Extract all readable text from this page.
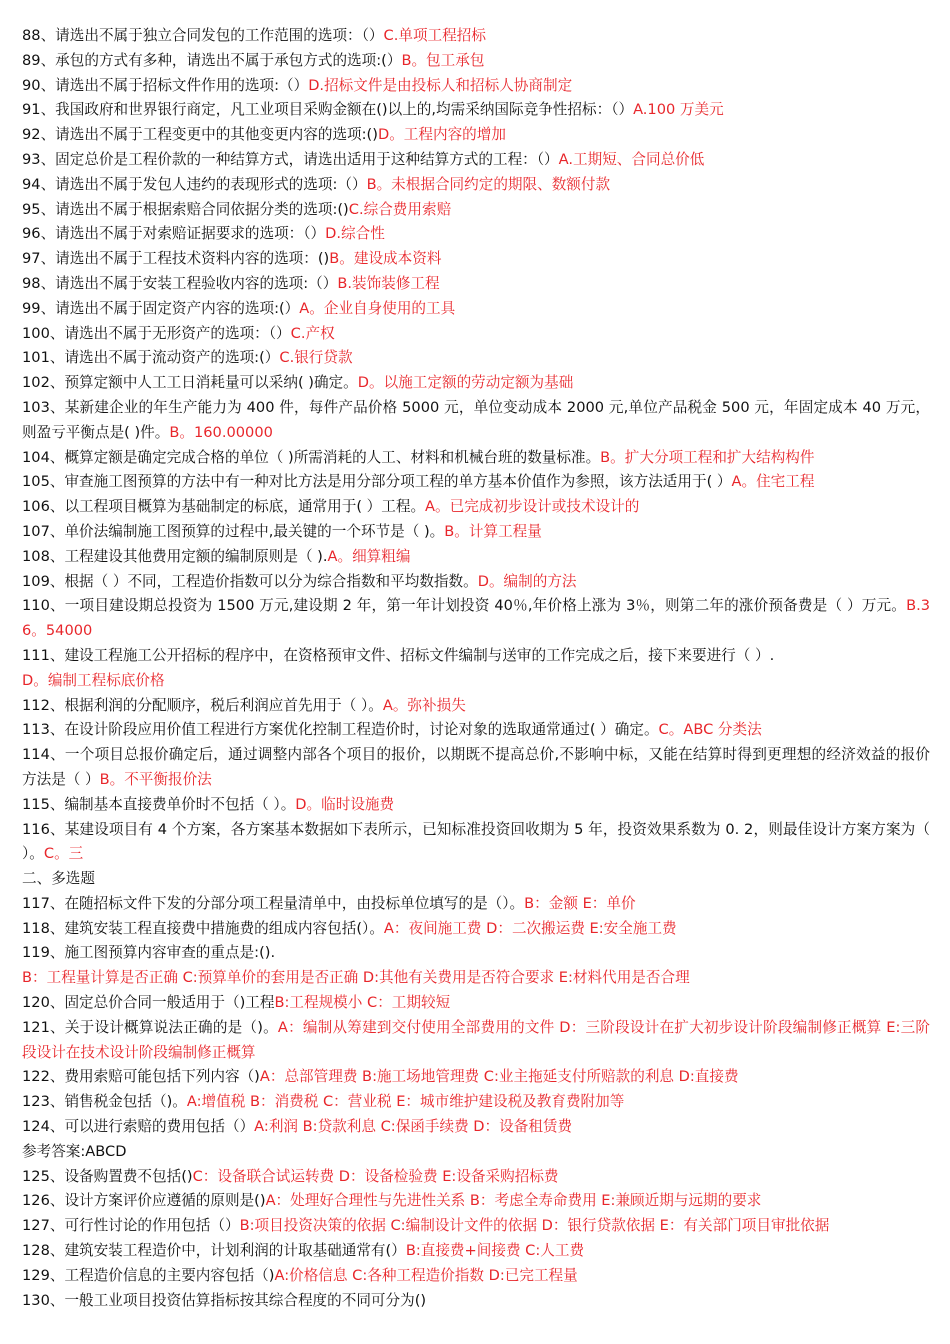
88、请选出不属于独立合同发包的工作范围的选项：（）C.单项工程招标
89、承包的方式有多种，请选出不属于承包方式的选项:(）B。包工承包
90、请选出不属于招标文件作用的选项:（）D.招标文件是由投标人和招标人协商制定
91、我国政府和世界银行商定，凡工业项目采购金额在()以上的,均需采纳国际竞争性招标：（）A.100 万美元
92、请选出不属于工程变更中的其他变更内容的选项:()D。工程内容的增加
93、固定总价是工程价款的一种结算方式，请选出适用于这种结算方式的工程：（）A.工期短、合同总价低
94、请选出不属于发包人违约的表现形式的选项:（）B。未根据合同约定的期限、数额付款
95、请选出不属于根据索赔合同依据分类的选项:()C.综合费用索赔
96、请选出不属于对索赔证据要求的选项：（）D.综合性
97、请选出不属于工程技术资料内容的选项：()B。建设成本资料
98、请选出不属于安装工程验收内容的选项:（）B.装饰装修工程
99、请选出不属于固定资产内容的选项:(）A。企业自身使用的工具
100、请选出不属于无形资产的选项：（）C.产权
101、请选出不属于流动资产的选项:(）C.银行贷款
102、预算定额中人工工日消耗量可以采纳( )确定。D。以施工定额的劳动定额为基础
103、某新建企业的年生产能力为 400 件，每件产品价格 5000 元，单位变动成本 2000 元,单位产品税金 500 元，年固定成本 40 万元，则盈亏平衡点是( )件。B。160.00000
104、概算定额是确定完成合格的单位（ )所需消耗的人工、材料和机械台班的数量标准。B。扩大分项工程和扩大结构构件
105、审查施工图预算的方法中有一种对比方法是用分部分项工程的单方基本价值作为参照，该方法适用于( ）A。住宅工程
106、以工程项目概算为基础制定的标底，通常用于( ）工程。A。已完成初步设计或技术设计的
107、单价法编制施工图预算的过程中,最关键的一个环节是（ )。B。计算工程量
108、工程建设其他费用定额的编制原则是（ ).A。细算粗编
109、根据（ ）不同，工程造价指数可以分为综合指数和平均数指数。D。编制的方法
110、一项目建设期总投资为 1500 万元,建设期 2 年，第一年计划投资 40％,年价格上涨为 3％，则第二年的涨价预备费是（ ）万元。B.36。54000
111、建设工程施工公开招标的程序中，在资格预审文件、招标文件编制与送审的工作完成之后，接下来要进行（ ）.
D。编制工程标底价格
112、根据利润的分配顺序，税后利润应首先用于（ ）。A。弥补损失
113、在设计阶段应用价值工程进行方案优化控制工程造价时，讨论对象的选取通常通过( ）确定。C。ABC 分类法
114、一个项目总报价确定后，通过调整内部各个项目的报价，以期既不提高总价,不影响中标，又能在结算时得到更理想的经济效益的报价方法是（ ）B。不平衡报价法
115、编制基本直接费单价时不包括（ ）。D。临时设施费
116、某建设项目有 4 个方案，各方案基本数据如下表所示，已知标准投资回收期为 5 年，投资效果系数为 0. 2，则最佳设计方案方案为（ ）。C。三
二、多选题
117、在随招标文件下发的分部分项工程量清单中，由投标单位填写的是（）。B：金额 E：单价
118、建筑安装工程直接费中措施费的组成内容包括(）。A：夜间施工费 D：二次搬运费 E:安全施工费
119、施工图预算内容审查的重点是:().
B：工程量计算是否正确 C:预算单价的套用是否正确 D:其他有关费用是否符合要求 E:材料代用是否合理
120、固定总价合同一般适用于（)工程B:工程规模小 C：工期较短
121、关于设计概算说法正确的是（)。A：编制从筹建到交付使用全部费用的文件 D：三阶段设计在扩大初步设计阶段编制修正概算 E:三阶段设计在技术设计阶段编制修正概算
122、费用索赔可能包括下列内容（)A：总部管理费 B:施工场地管理费 C:业主拖延支付所赔款的利息 D:直接费
123、销售税金包括（)。A:增值税 B：消费税 C：营业税 E：城市维护建设税及教育费附加等
124、可以进行索赔的费用包括（）A:利润 B:贷款利息 C:保函手续费 D：设备租赁费
参考答案:ABCD
125、设备购置费不包括()C：设备联合试运转费 D：设备检验费 E:设备采购招标费
126、设计方案评价应遵循的原则是()A：处理好合理性与先进性关系 B：考虑全寿命费用 E:兼顾近期与远期的要求
127、可行性讨论的作用包括（）B:项目投资决策的依据 C:编制设计文件的依据 D：银行贷款依据 E：有关部门项目审批依据
128、建筑安装工程造价中，计划利润的计取基础通常有(）B:直接费+间接费 C:人工费
129、工程造价信息的主要内容包括（)A:价格信息 C:各种工程造价指数 D:已完工程量
130、一般工业项目投资估算指标按其综合程度的不同可分为()
